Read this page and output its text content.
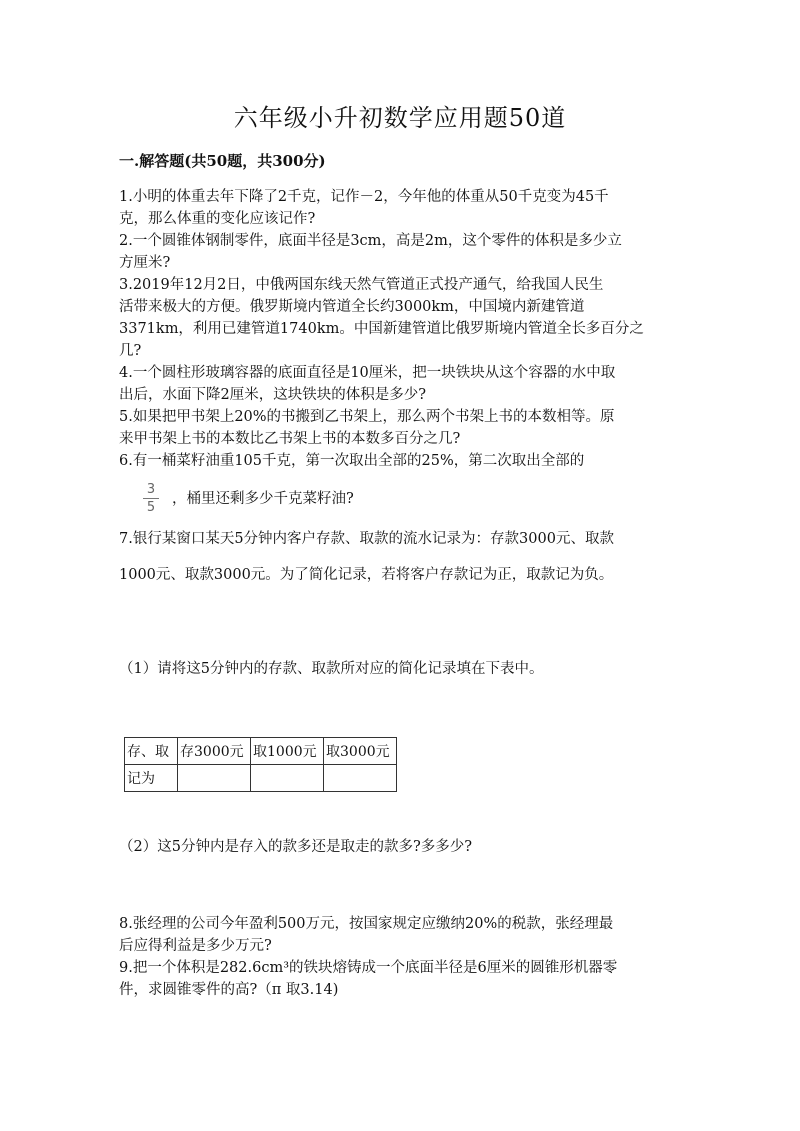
六年级小升初数学应用题50道
一.解答题(共50题，共300分)
1.小明的体重去年下降了2千克，记作－2，今年他的体重从50千克变为45千
克，那么体重的变化应该记作?
2.一个圆锥体钢制零件，底面半径是3cm，高是2m，这个零件的体积是多少立
方厘米?
3.2019年12月2日，中俄两国东线天然气管道正式投产通气，给我国人民生
活带来极大的方便。俄罗斯境内管道全长约3000km，中国境内新建管道
3371km，利用已建管道1740km。中国新建管道比俄罗斯境内管道全长多百分之
几?
4.一个圆柱形玻璃容器的底面直径是10厘米，把一块铁块从这个容器的水中取
出后，水面下降2厘米，这块铁块的体积是多少?
5.如果把甲书架上20%的书搬到乙书架上，那么两个书架上书的本数相等。原
来甲书架上书的本数比乙书架上书的本数多百分之几?
6.有一桶菜籽油重105千克，第一次取出全部的25%，第二次取出全部的
3
5
，桶里还剩多少千克菜籽油?
7.银行某窗口某天5分钟内客户存款、取款的流水记录为：存款3000元、取款
1000元、取款3000元。为了简化记录，若将客户存款记为正，取款记为负。
（1）请将这5分钟内的存款、取款所对应的简化记录填在下表中。
存、取	存3000元	取1000元	取3000元
记为			
（2）这5分钟内是存入的款多还是取走的款多?多多少?
8.张经理的公司今年盈利500万元，按国家规定应缴纳20%的税款，张经理最
后应得利益是多少万元?
9.把一个体积是282.6cm³的铁块熔铸成一个底面半径是6厘米的圆锥形机器零
件，求圆锥零件的高?（π 取3.14)
